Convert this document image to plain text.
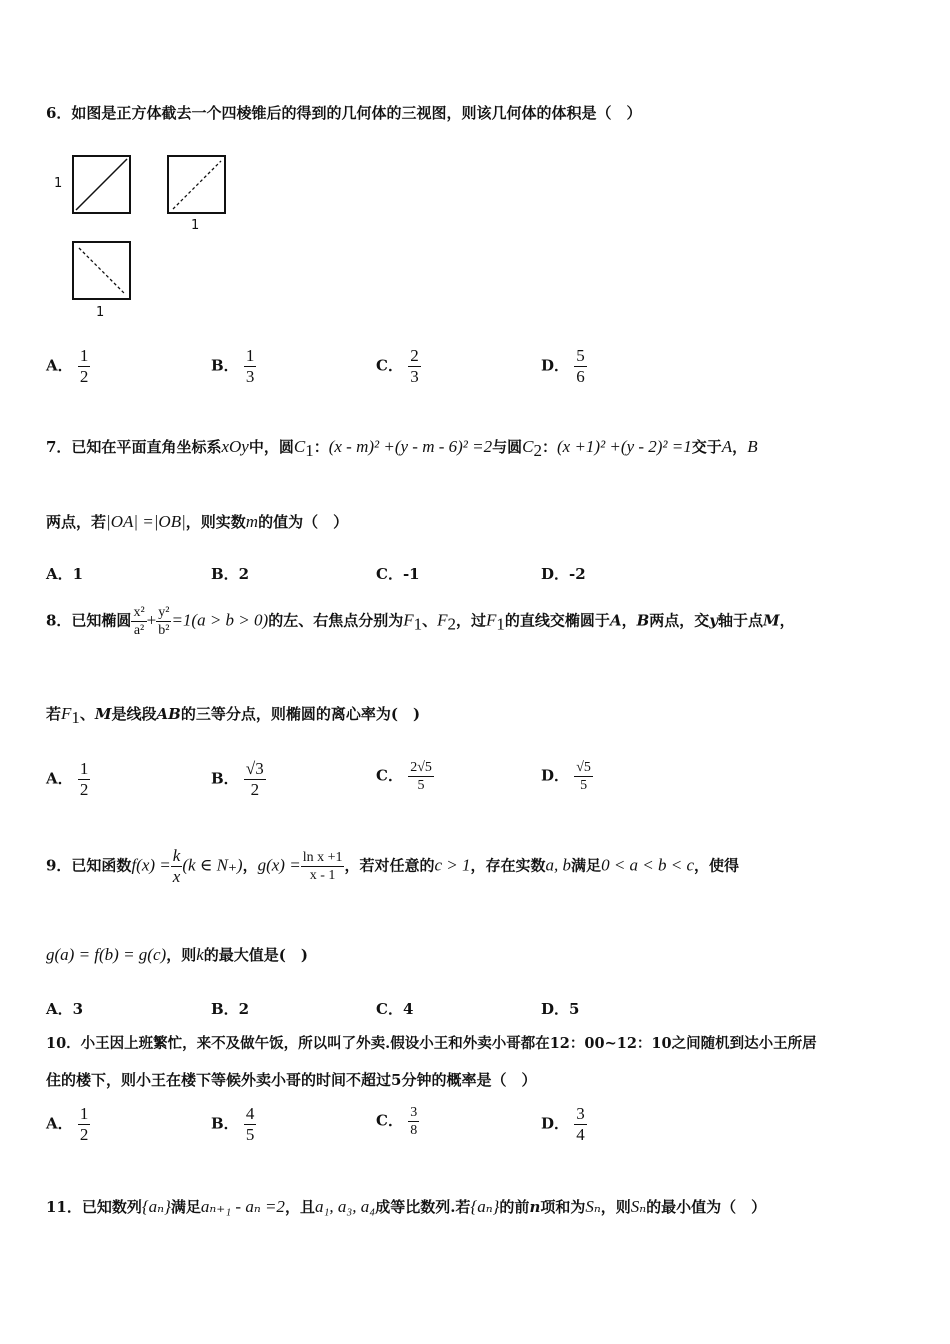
6．如图是正方体截去一个四棱锥后的得到的几何体的三视图，则该几何体的体积是（　）
1
1
1
A． $\frac{1}{2}$	B． $\frac{1}{3}$	C． $\frac{2}{3}$	D． $\frac{5}{6}$
7．已知在平面直角坐标系xOy中，圆$C_1$：(x - m)² +(y - m - 6)² =2与圆$C_2$：(x +1)² +(y - 2)² =1交于A，B
两点，若|OA| =|OB|，则实数m的值为（　）
A．1	B．2	C．-1	D．-2
8．已知椭圆 $\frac{\text{x²}}{\text{a²}} + \frac{\text{y²}}{\text{b²}} =1(a > b > 0)$的左、右焦点分别为$F_1$、$F_2$，过$F_1$的直线交椭圆于A，B两点，交y轴于点M，
若$F_1$、M是线段AB的三等分点，则椭圆的离心率为(　)
A． $\frac{1}{2}$	B． $\frac{√3}{2}$	C． $\frac{2√5}{5}$	D． $\frac{√5}{5}$
9．已知函数$f(x) = \frac{k}{x} (k$ ∈ N₊)，$g(x) = \frac{\text{ln x +1}}{x - 1}$ ，若对任意的c > 1，存在实数a, b满足0 < a < b < c，使得
g(a) = f(b) = g(c)，则k的最大值是(　)
A．3	B．2	C．4	D．5
10．小王因上班繁忙，来不及做午饭，所以叫了外卖.假设小王和外卖小哥都在12：00~12：10之间随机到达小王所居
住的楼下，则小王在楼下等候外卖小哥的时间不超过5分钟的概率是（　）
A． $\frac{1}{2}$	B． $\frac{4}{5}$	C． $\frac{3}{8}$	D． $\frac{3}{4}$
11．已知数列{aₙ}满足aₙ₊₁ - aₙ =2，且a₁, a₃, a₄成等比数列.若{aₙ}的前n项和为Sₙ，则Sₙ的最小值为（　）
